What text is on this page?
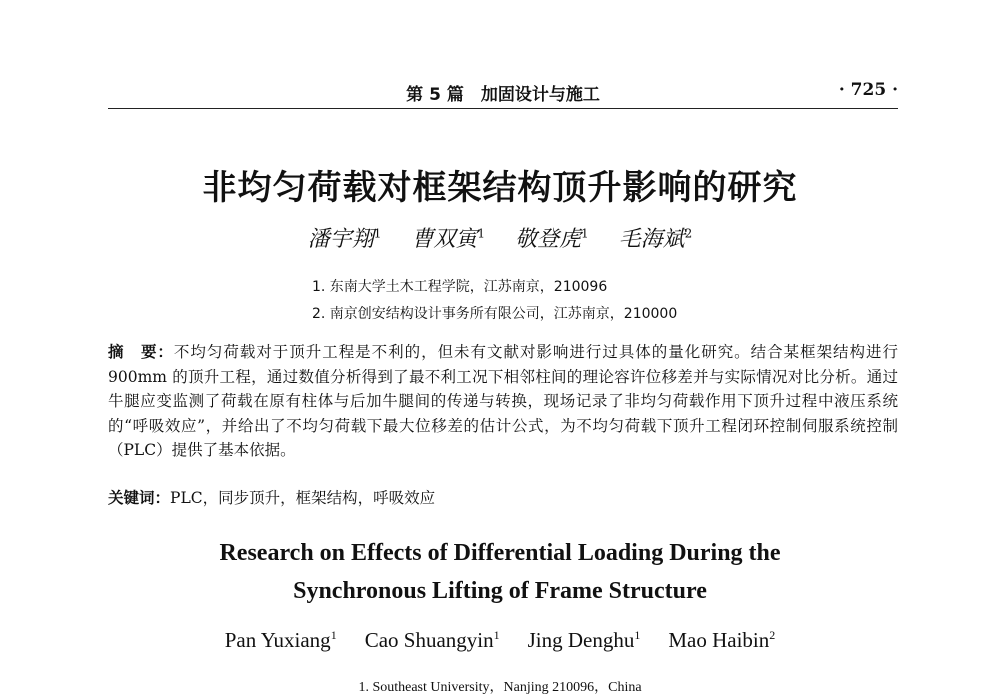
第 5 篇　加固设计与施工	· 725 ·
非均匀荷载对框架结构顶升影响的研究
潘宇翔$^1$ 曹双寅$^1$ 敬登虎$^1$ 毛海斌$^2$
1. 东南大学土木工程学院，江苏南京，210096
2. 南京创安结构设计事务所有限公司，江苏南京，210000
摘　要：不均匀荷载对于顶升工程是不利的，但未有文献对影响进行过具体的量化研究。结合某框架结构进行900mm 的顶升工程，通过数值分析得到了最不利工况下相邻柱间的理论容许位移差并与实际情况对比分析。通过牛腿应变监测了荷载在原有柱体与后加牛腿间的传递与转换，现场记录了非均匀荷载作用下顶升过程中液压系统的“呼吸效应”，并给出了不均匀荷载下最大位移差的估计公式，为不均匀荷载下顶升工程闭环控制伺服系统控制（PLC）提供了基本依据。
关键词：PLC，同步顶升，框架结构，呼吸效应
Research on Effects of Differential Loading During the
Synchronous Lifting of Frame Structure
Pan Yuxiang$^1$ Cao Shuangyin$^1$ Jing Denghu$^1$ Mao Haibin$^2$
1. Southeast University，Nanjing 210096，China
